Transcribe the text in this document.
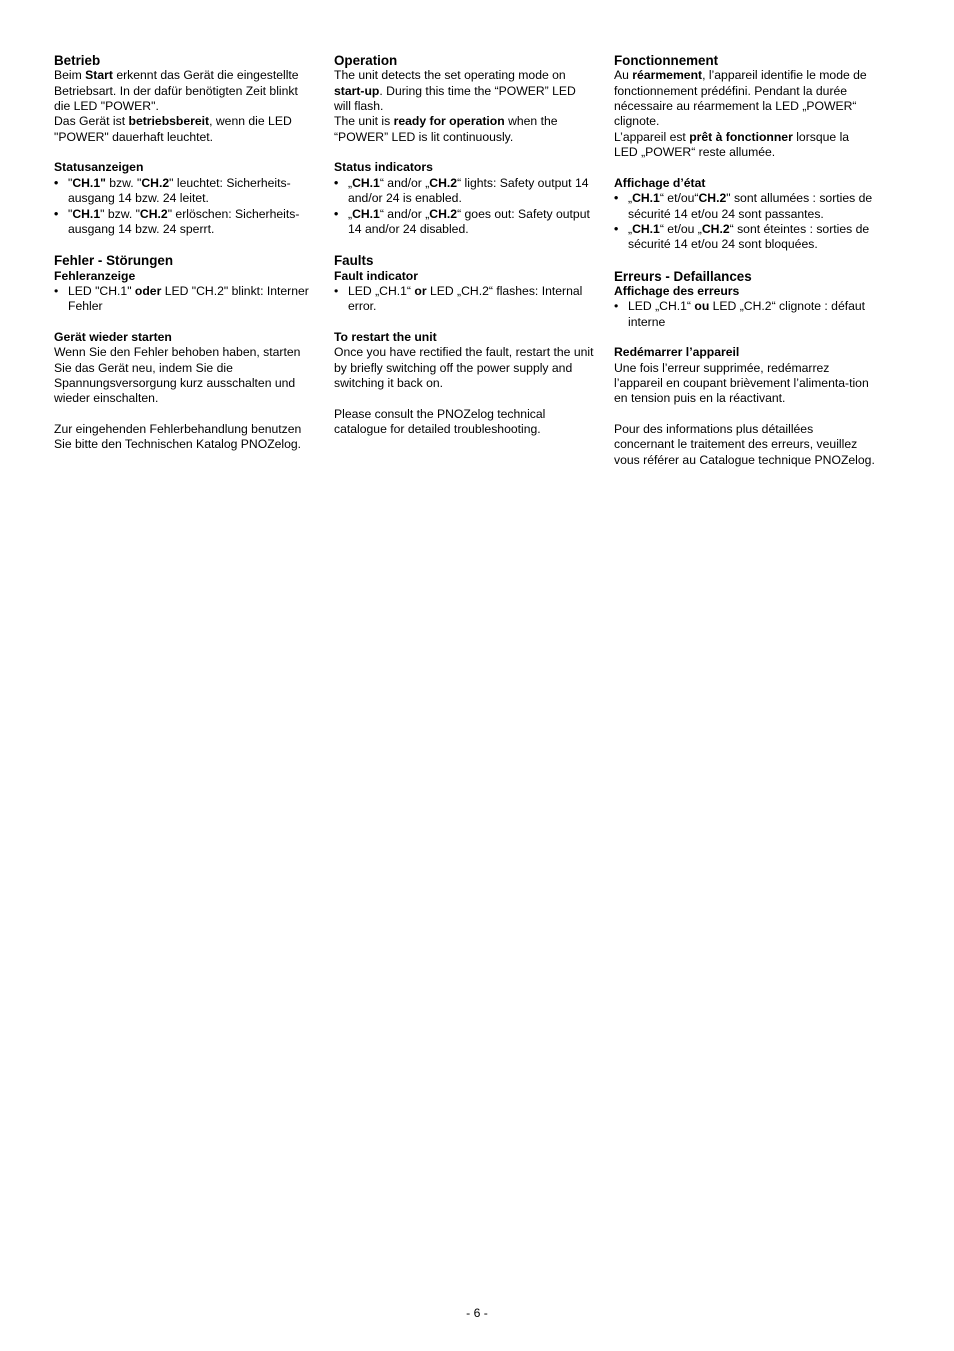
Betrieb

Beim Start erkennt das Gerät die eingestellte Betriebsart. In der dafür benötigten Zeit blinkt die LED "POWER".

Das Gerät ist betriebsbereit, wenn die LED "POWER" dauerhaft leuchtet.

Statusanzeigen
• "CH.1" bzw. "CH.2" leuchtet: Sicherheits-ausgang 14 bzw. 24 leitet.
• "CH.1" bzw. "CH.2" erlöschen: Sicherheits-ausgang 14 bzw. 24 sperrt.
Fehler - Störungen
Fehleranzeige
• LED "CH.1" oder LED "CH.2" blinkt: Interner Fehler
Gerät wieder starten

Wenn Sie den Fehler behoben haben, starten Sie das Gerät neu, indem Sie die Spannungsversorgung kurz ausschalten und wieder einschalten.

Zur eingehenden Fehlerbehandlung benutzen Sie bitte den Technischen Katalog PNOZelog.

Operation

The unit detects the set operating mode on start-up. During this time the “POWER” LED will flash.

The unit is ready for operation when the “POWER” LED is lit continuously.

Status indicators
• „CH.1“ and/or „CH.2“ lights: Safety output 14 and/or 24 is enabled.
• „CH.1“ and/or „CH.2“ goes out: Safety output 14 and/or 24 disabled.
Faults
Fault indicator
• LED „CH.1“ or LED „CH.2“ flashes: Internal error.
To restart the unit

Once you have rectified the fault, restart the unit by briefly switching off the power supply and switching it back on.

Please consult the PNOZelog technical catalogue for detailed troubleshooting.

Fonctionnement

Au réarmement, l’appareil identifie le mode de fonctionnement prédéfini. Pendant la durée nécessaire au réarmement la LED „POWER“ clignote.

L’appareil est prêt à fonctionner lorsque la LED „POWER“ reste allumée.

Affichage d’état
• „CH.1“ et/ou“CH.2" sont allumées : sorties de sécurité 14 et/ou 24 sont passantes.
• „CH.1“ et/ou „CH.2“ sont éteintes : sorties de sécurité 14 et/ou 24 sont bloquées.
Erreurs - Defaillances
Affichage des erreurs
• LED „CH.1“ ou LED „CH.2“ clignote : défaut interne
Redémarrer l’appareil

Une fois l’erreur supprimée, redémarrez l’appareil en coupant brièvement l’alimenta-tion en tension puis en la réactivant.

Pour des informations plus détaillées concernant le traitement des erreurs, veuillez vous référer au Catalogue technique PNOZelog.

- 6 -
